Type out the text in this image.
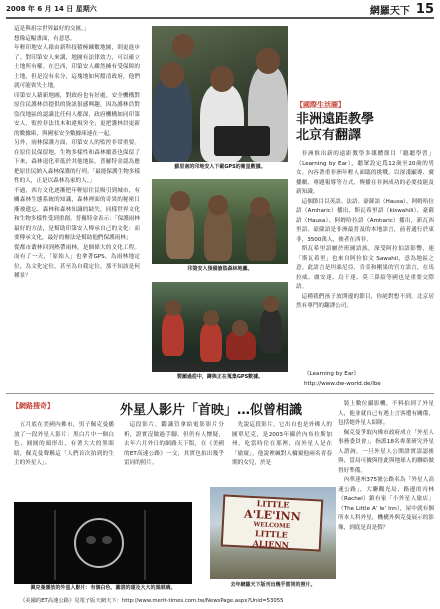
2008 年 6 月 14 日 星期六	網羅天下 15

這是與祖宗世界最好的交匯。」

想像這幅畫面，有意思。

年輕印地安人藉由新科技積極練數地圖，則更進步了。對印第安人來講，地圖有法律效力，可以確立土地所有權。在巴西，印第安人雖然擁有受保障的土地，但是沒有名分，這塊地如何釐清政府，他們就可能喪失土地。

印第安人藉新地圖，對政府也有好處。安全機構對原住民護林員提供的資訊很感興趣，因為護林員對盜伐地區的認識比任何人都深，政府機構如同印第安人，監控非法伐木和違規突全；更把護林員更新的數據庫，與國家安全數據庫連在一起。

另外，雨林保護方面，印第安人的監控非常重要。在原住民保留地，生物多樣性和森林覆蓋也保留了下來，森林退化率低於其他地區。普羅特金認為應把原住民納入森林保護的行列；「最能保護生物多樣性的人，正是以森林為家的人。」

不過，西方文化逐漸把年輕原住民吸引到城市，有關森林生態系統的知識，森林裡面的奇異的秘密日漸被遺忘。森林和森林知識的缺失，同樣世界文化和生物多樣性受到重創。普羅特金表示：「保護雨林最好的方法，是幫助印第安人傳承自己的文化：而要傳承文化，最好的辦法是幫助他們保護雨林」

從都市叢林回到熱帶雨林，是個偉大的文化工程。而有了一天，「原始人」也拿著GPS，為雨林地定位，為文化定位，甚至為自我定位，那不知該是何種景？

蘇里南的印地安人下載GPS的衛星數據。
印第安人預備搶盜森林地圖。
製圖過從中，蹲與正在蒐集GPS數據。
【國際生活圈】
非洲遠距教學
北京有翻譯

非洲推出新的遠距教學多媒體節目「聽聽學習」（Learning by Ear），聽眾設定爲12歲至20歲的男女。內容著重非洲年輕人面臨的挑戰，以深淺顯導、廣播劇、專題報導等方式，傳播在非洲成功的必要技能及新知識。

這個節目以英語、法語、豪薩語（Hausa）、阿姆哈拉語（Amharic）播出，斯瓦希里語（kiswahili）、豪薩語（Hausa）、阿姆哈拉語（Amharic）播出，新瓦西里語、豪薩語是非洲最普及的本地語言，前者通行於東非，3500萬人，後者在西非。

斯瓦希里語屬於班圖語族，深受阿拉伯語影響，連「斯瓦希里」也來自阿拉伯文 Sawahil，意為地區之意。此語言是坦桑尼亞、肯亞和剛果的官方語言，在馬拉威、盧安達、烏干達、莫三鼻給等國也是重要交際語。

這種我們孩子放開邊的節目，你絕對想不到，北京居然有專門的翻譯公司。

《Learning by Ear》
http://www.dw-world.de/lbe
【網路搜奇】	外星人影片「首映」…似曾相識

五月底在美國內佛市，男子佩克曼播放了一段外星人影片：黑白片中一個白色、圓圓的頭形出，有著大大的黑眼睛，佩克曼聲稱這「人們首次拍到的生主的外星人」。

這段影片，鑑識管拿給電影影片分析，證實沒做過手腳。但仍有人懷疑，去年六月外日的網路天下版，在《美國的ET高速公路》一文，其實也拍出幾乎雷同的照片。

先說這段影片，它出自也是外佛人的圖單尼克，是2003年攝於內布拉斯加州，吃當時住在那裡，而外星人是在「偷窺」，他說裡緘對人輪窺他兩名青春期的女兒，於是

裝上數位攝影機，不料拍到了外星人，他並就自己有遇上言客遭有關係，包括她外星人紹隊。

佩克曼爭取內佛市政府成立「外星人事務委員會」，指派18名專業研究外星人諮詢，一旦外星人公開證實誤認後與，當局可據與得此與地球人的聯絡做得好準備。

內華達州375號公路名為「外星人高速公路」，大聯觀光局，路邊的丙林（Rachel）鎮有家「小外星人旅店」（The Little A’ le’ Inn），屋中就有個所本人科外星，機構外與克曼展示的影像，到底是真是假？

佩克曼播放的外星人影片：有個白色、圓滾的頭及大大的黑眼睛。
LITTLE
A'LE'INN
WELCOME
LITTLE
ALIENN
去年網羅天下版刊出幾乎雷同的照片。
《美國的ET高速公路》見電子版天網天下：http://www.merit-times.com.tw/NewsPage.aspx?Unid=53055
